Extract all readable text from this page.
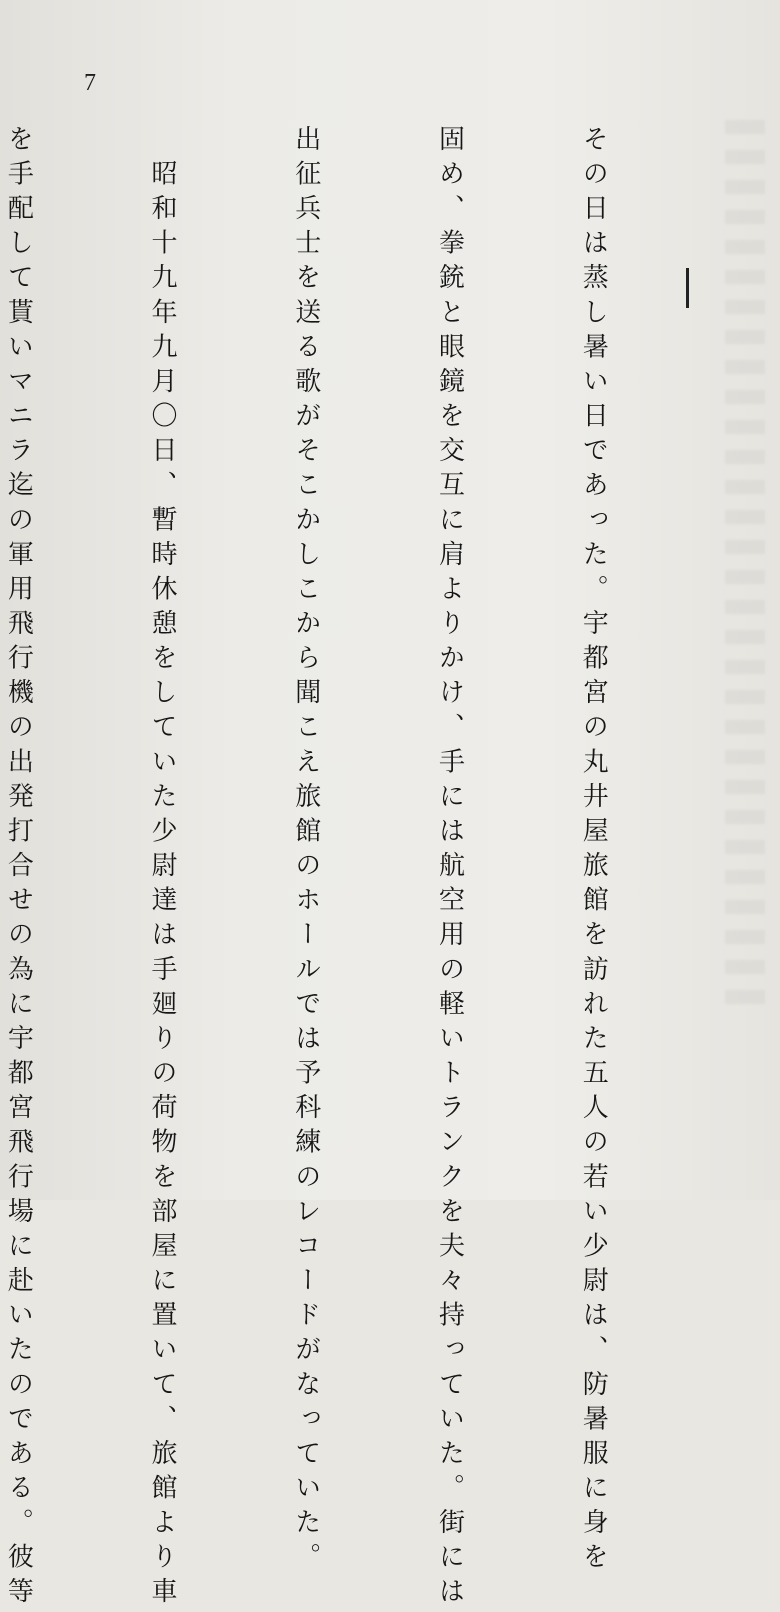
7

その日は蒸し暑い日であった。宇都宮の丸井屋旅館を訪れた五人の若い少尉は、防暑服に身を

固め、拳銃と眼鏡を交互に肩よりかけ、手には航空用の軽いトランクを夫々持っていた。街には

出征兵士を送る歌がそこかしこから聞こえ旅館のホールでは予科練のレコードがなっていた。

　昭和十九年九月〇日、暫時休憩をしていた少尉達は手廻りの荷物を部屋に置いて、旅館より車

を手配して貰いマニラ迄の軍用飛行機の出発打合せの為に宇都宮飛行場に赴いたのである。彼等
